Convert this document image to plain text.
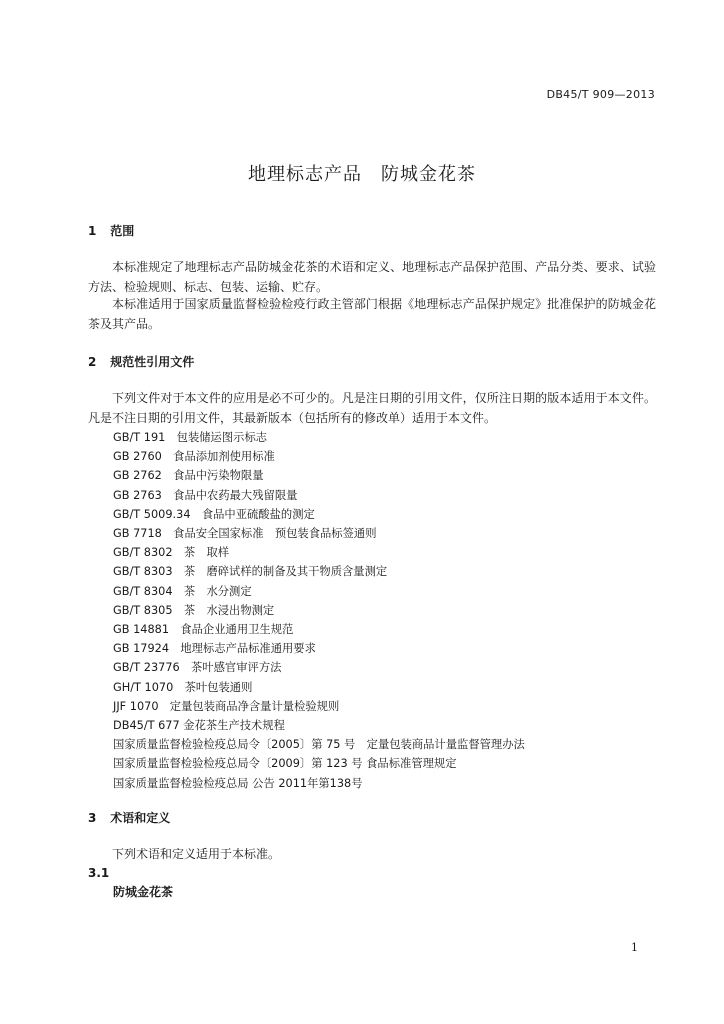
DB45/T 909—2013
地理标志产品　防城金花茶
1 范围
本标准规定了地理标志产品防城金花茶的术语和定义、地理标志产品保护范围、产品分类、要求、试验方法、检验规则、标志、包装、运输、贮存。
本标准适用于国家质量监督检验检疫行政主管部门根据《地理标志产品保护规定》批准保护的防城金花茶及其产品。
2 规范性引用文件
下列文件对于本文件的应用是必不可少的。凡是注日期的引用文件，仅所注日期的版本适用于本文件。凡是不注日期的引用文件，其最新版本（包括所有的修改单）适用于本文件。
GB/T 191　包装储运图示标志
GB 2760　食品添加剂使用标准
GB 2762　食品中污染物限量
GB 2763　食品中农药最大残留限量
GB/T 5009.34　食品中亚硫酸盐的测定
GB 7718　食品安全国家标准　预包装食品标签通则
GB/T 8302　茶　取样
GB/T 8303　茶　磨碎试样的制备及其干物质含量测定
GB/T 8304　茶　水分测定
GB/T 8305　茶　水浸出物测定
GB 14881　食品企业通用卫生规范
GB 17924　地理标志产品标准通用要求
GB/T 23776　茶叶感官审评方法
GH/T 1070　茶叶包装通则
JJF 1070　定量包装商品净含量计量检验规则
DB45/T 677 金花茶生产技术规程
国家质量监督检验检疫总局令〔2005〕第 75 号　定量包装商品计量监督管理办法
国家质量监督检验检疫总局令〔2009〕第 123 号 食品标准管理规定
国家质量监督检验检疫总局 公告 2011年第138号
3 术语和定义
下列术语和定义适用于本标准。
3.1
防城金花茶
1
